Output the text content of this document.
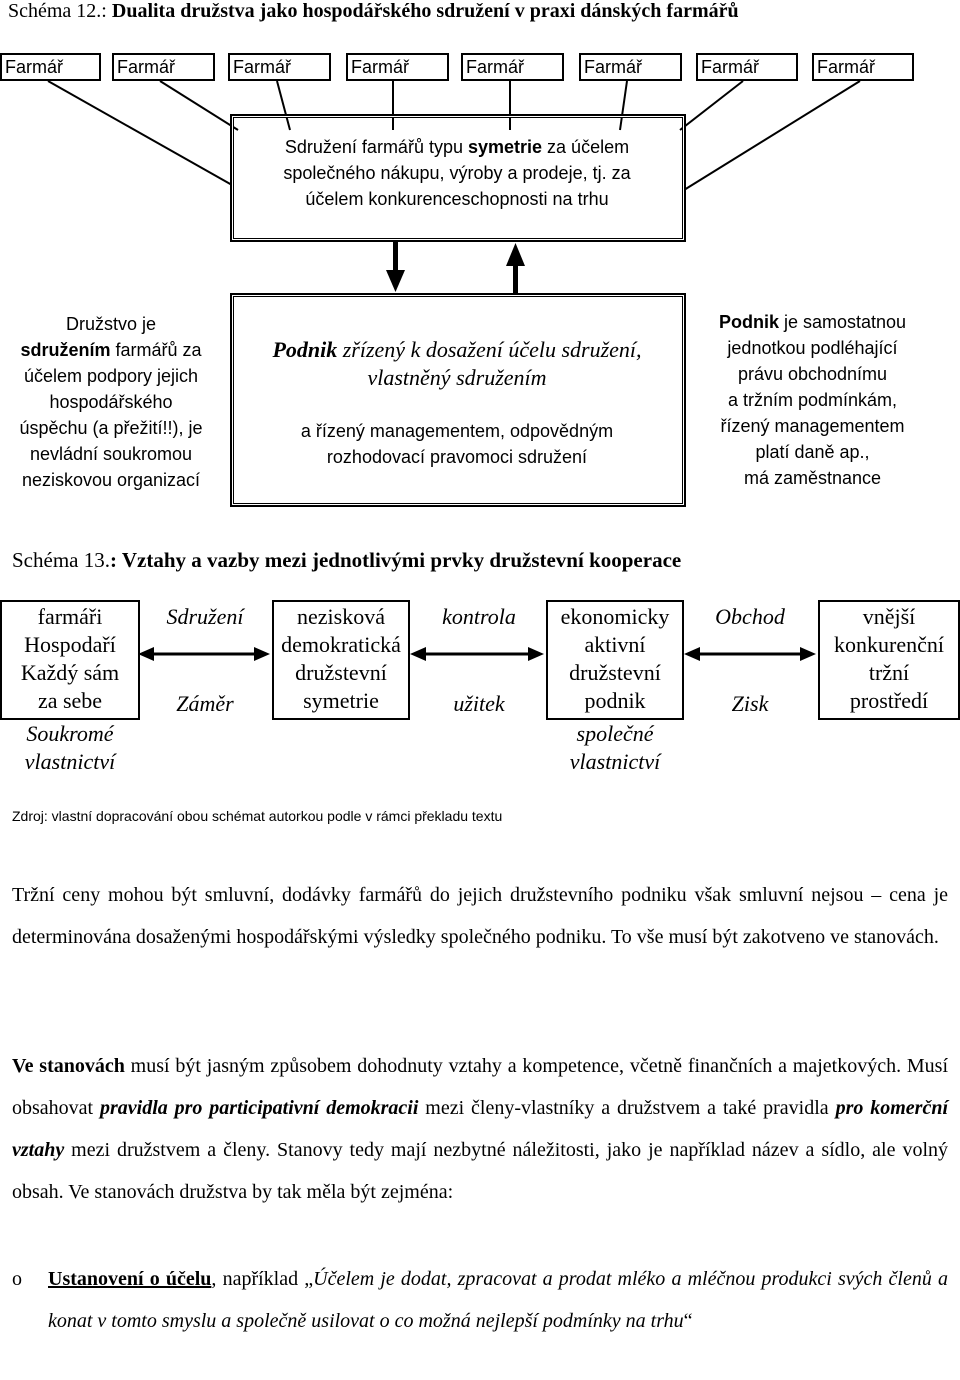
Schéma 12.: Dualita družstva jako hospodářského sdružení v praxi dánských farmářů
Farmář	Farmář	Farmář	Farmář	Farmář	Farmář	Farmář	Farmář
Sdružení farmářů typu symetrie za účelem
společného nákupu, výroby a prodeje, tj. za
účelem konkurenceschopnosti na trhu
Družstvo je
sdružením farmářů za
účelem podpory jejich
hospodářského
úspěchu (a přežití!!), je
nevládní soukromou
neziskovou organizací
Podnik zřízený k dosažení účelu sdružení,
vlastněný sdružením
a řízený managementem, odpovědným
rozhodovací pravomoci sdružení
Podnik je samostatnou
jednotkou podléhající
právu obchodnímu
a tržním podmínkám,
řízený managementem
platí daně ap.,
má zaměstnance
Schéma 13.: Vztahy a vazby mezi jednotlivými prvky družstevní kooperace
farmáři
Hospodaří
Každý sám
za sebe
Soukromé
vlastnictví
nezisková
demokratická
družstevní
symetrie
ekonomicky
aktivní
družstevní
podnik
společné
vlastnictví
vnější
konkurenční
tržní
prostředí
Sdružení
Záměr
kontrola
užitek
Obchod
Zisk
Zdroj: vlastní dopracování obou schémat autorkou podle v rámci překladu textu
Tržní ceny mohou být smluvní, dodávky farmářů do jejich družstevního podniku však smluvní nejsou – cena je determinována dosaženými hospodářskými výsledky společného podniku. To vše musí být zakotveno ve stanovách.
Ve stanovách musí být jasným způsobem dohodnuty vztahy a kompetence, včetně finančních a majetkových. Musí obsahovat pravidla pro participativní demokracii mezi členy-vlastníky a družstvem a také pravidla pro komerční vztahy mezi družstvem a členy. Stanovy tedy mají nezbytné náležitosti, jako je například název a sídlo, ale volný obsah. Ve stanovách družstva by tak měla být zejména:
o Ustanovení o účelu, například „Účelem je dodat, zpracovat a prodat mléko a mléčnou produkci svých členů a konat v tomto smyslu a společně usilovat o co možná nejlepší podmínky na trhu“
